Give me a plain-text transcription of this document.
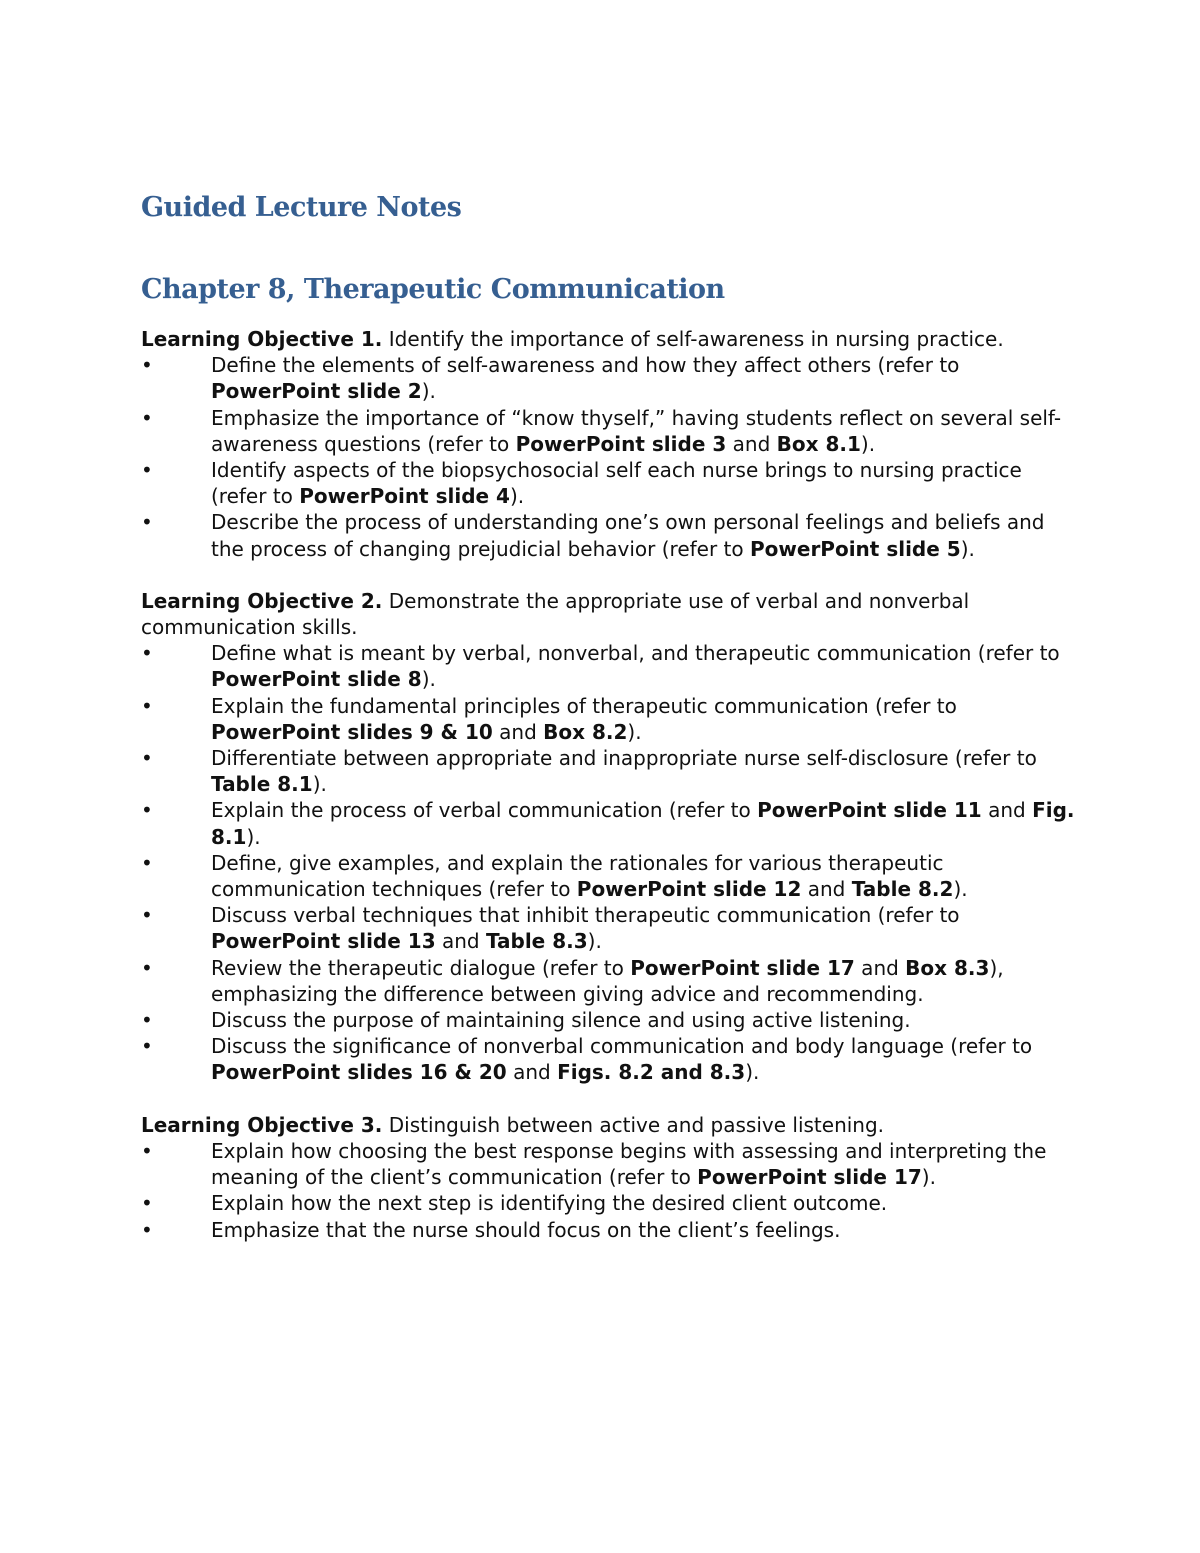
Guided Lecture Notes
Chapter 8, Therapeutic Communication

Learning Objective 1. Identify the importance of self-awareness in nursing practice.

•	Define the elements of self-awareness and how they affect others (refer to PowerPoint slide 2).
•	Emphasize the importance of “know thyself,” having students reflect on several self-awareness questions (refer to PowerPoint slide 3 and Box 8.1).
•	Identify aspects of the biopsychosocial self each nurse brings to nursing practice (refer to PowerPoint slide 4).
•	Describe the process of understanding one’s own personal feelings and beliefs and the process of changing prejudicial behavior (refer to PowerPoint slide 5).

Learning Objective 2. Demonstrate the appropriate use of verbal and nonverbal communication skills.

•	Define what is meant by verbal, nonverbal, and therapeutic communication (refer to PowerPoint slide 8).
•	Explain the fundamental principles of therapeutic communication (refer to PowerPoint slides 9 & 10 and Box 8.2).
•	Differentiate between appropriate and inappropriate nurse self-disclosure (refer to Table 8.1).
•	Explain the process of verbal communication (refer to PowerPoint slide 11 and Fig. 8.1).
•	Define, give examples, and explain the rationales for various therapeutic communication techniques (refer to PowerPoint slide 12 and Table 8.2).
•	Discuss verbal techniques that inhibit therapeutic communication (refer to PowerPoint slide 13 and Table 8.3).
•	Review the therapeutic dialogue (refer to PowerPoint slide 17 and Box 8.3), emphasizing the difference between giving advice and recommending.
•	Discuss the purpose of maintaining silence and using active listening.
•	Discuss the significance of nonverbal communication and body language (refer to PowerPoint slides 16 & 20 and Figs. 8.2 and 8.3).

Learning Objective 3. Distinguish between active and passive listening.

•	Explain how choosing the best response begins with assessing and interpreting the meaning of the client’s communication (refer to PowerPoint slide 17).
•	Explain how the next step is identifying the desired client outcome.
•	Emphasize that the nurse should focus on the client’s feelings.
